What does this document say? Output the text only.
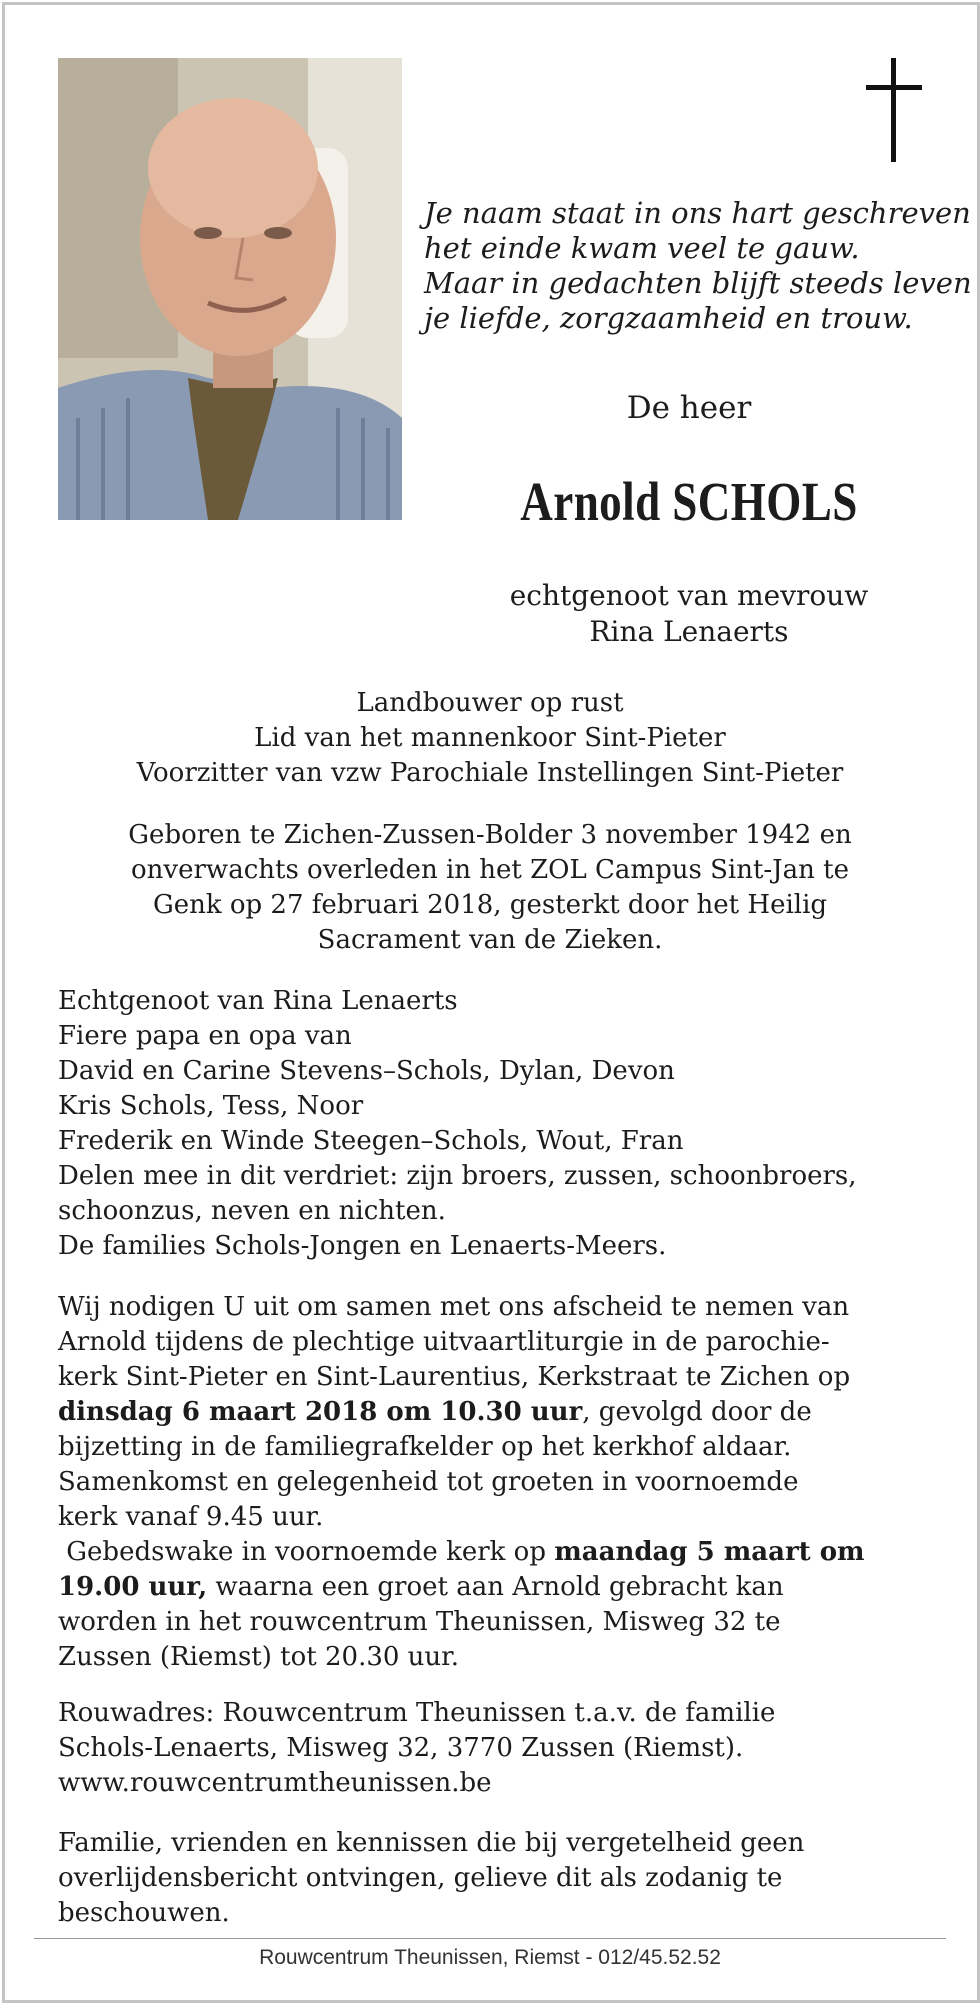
Je naam staat in ons hart geschreven
het einde kwam veel te gauw.
Maar in gedachten blijft steeds leven
je liefde, zorgzaamheid en trouw.
De heer
Arnold SCHOLS
echtgenoot van mevrouw
Rina Lenaerts
Landbouwer op rust
Lid van het mannenkoor Sint-Pieter
Voorzitter van vzw Parochiale Instellingen Sint-Pieter
Geboren te Zichen-Zussen-Bolder 3 november 1942 en
onverwachts overleden in het ZOL Campus Sint-Jan te
Genk op 27 februari 2018, gesterkt door het Heilig
Sacrament van de Zieken.
Echtgenoot van Rina Lenaerts
Fiere papa en opa van
David en Carine Stevens–Schols, Dylan, Devon
Kris Schols, Tess, Noor
Frederik en Winde Steegen–Schols, Wout, Fran
Delen mee in dit verdriet: zijn broers, zussen, schoonbroers,
schoonzus, neven en nichten.
De families Schols-Jongen en Lenaerts-Meers.
Wij nodigen U uit om samen met ons afscheid te nemen van
Arnold tijdens de plechtige uitvaartliturgie in de parochie-
kerk Sint-Pieter en Sint-Laurentius, Kerkstraat te Zichen op
dinsdag 6 maart 2018 om 10.30 uur, gevolgd door de
bijzetting in de familiegrafkelder op het kerkhof aldaar.
Samenkomst en gelegenheid tot groeten in voornoemde
kerk vanaf 9.45 uur.
Gebedswake in voornoemde kerk op maandag 5 maart om
19.00 uur, waarna een groet aan Arnold gebracht kan
worden in het rouwcentrum Theunissen, Misweg 32 te
Zussen (Riemst) tot 20.30 uur.
Rouwadres: Rouwcentrum Theunissen t.a.v. de familie
Schols-Lenaerts, Misweg 32, 3770 Zussen (Riemst).
www.rouwcentrumtheunissen.be
Familie, vrienden en kennissen die bij vergetelheid geen
overlijdensbericht ontvingen, gelieve dit als zodanig te
beschouwen.
Rouwcentrum Theunissen, Riemst - 012/45.52.52
